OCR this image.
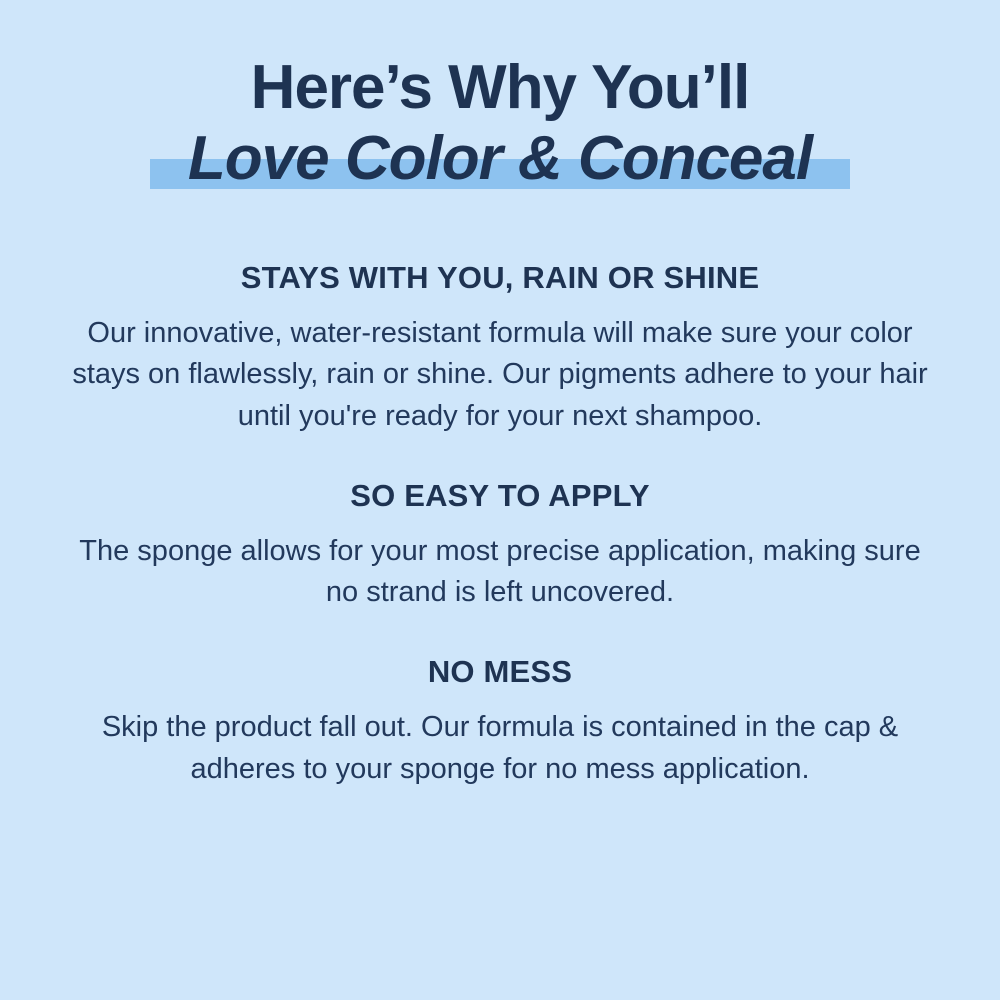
Here’s Why You’ll
Love Color & Conceal
STAYS WITH YOU, RAIN OR SHINE

Our innovative, water-resistant formula will make sure your color stays on flawlessly, rain or shine. Our pigments adhere to your hair until you're ready for your next shampoo.

SO EASY TO APPLY

The sponge allows for your most precise application, making sure no strand is left uncovered.

NO MESS

Skip the product fall out. Our formula is contained in the cap & adheres to your sponge for no mess application.
